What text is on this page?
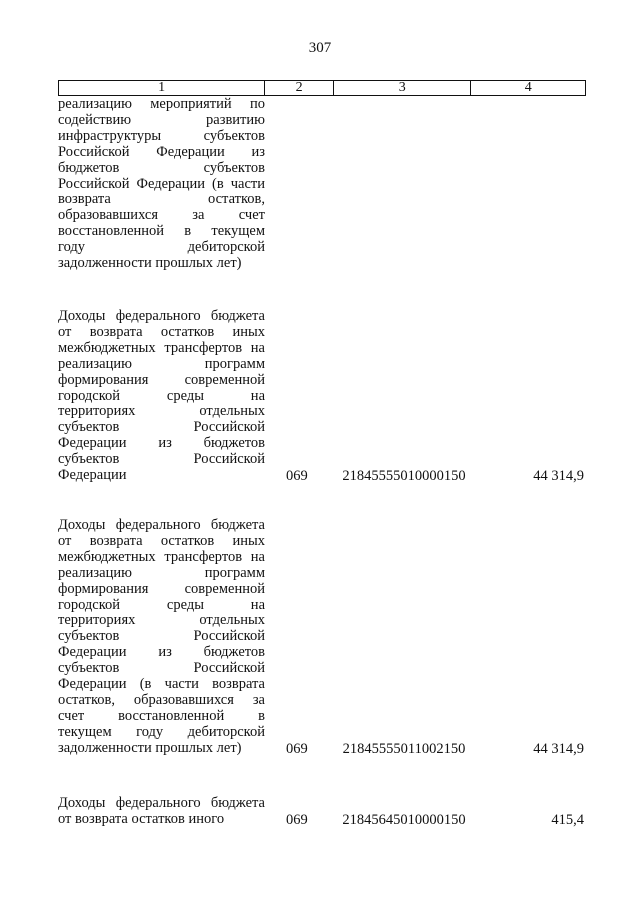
307
1	2	3	4
реализацию мероприятий по
содействию развитию
инфраструктуры субъектов
Российской Федерации из
бюджетов субъектов
Российской Федерации (в части
возврата остатков,
образовавшихся за счет
восстановленной в текущем
году дебиторской
задолженности прошлых лет)
Доходы федерального бюджета
от возврата остатков иных
межбюджетных трансфертов на
реализацию программ
формирования современной
городской среды на
территориях отдельных
субъектов Российской
Федерации из бюджетов
субъектов Российской
Федерации	069	21845555010000150	44 314,9
Доходы федерального бюджета
от возврата остатков иных
межбюджетных трансфертов на
реализацию программ
формирования современной
городской среды на
территориях отдельных
субъектов Российской
Федерации из бюджетов
субъектов Российской
Федерации (в части возврата
остатков, образовавшихся за
счет восстановленной в
текущем году дебиторской
задолженности прошлых лет)	069	21845555011002150	44 314,9
Доходы федерального бюджета
от возврата остатков иного	069	21845645010000150	415,4
